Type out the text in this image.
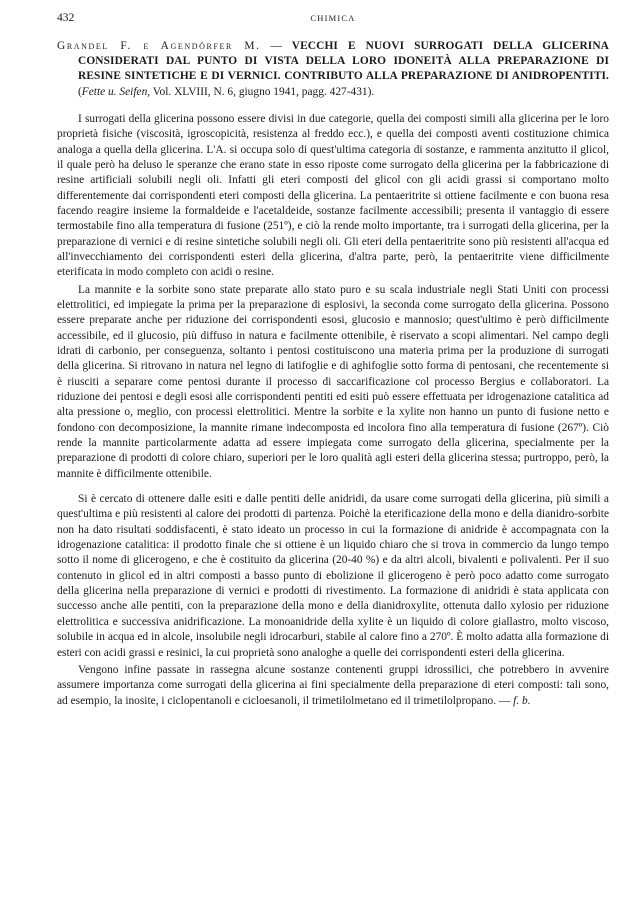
432	CHIMICA
Grandel F. e Agendörfer M. — VECCHI E NUOVI SURROGATI DELLA GLICERINA CONSIDERATI DAL PUNTO DI VISTA DELLA LORO IDONEITÀ ALLA PREPARAZIONE DI RESINE SINTETICHE E DI VERNICI. CONTRIBUTO ALLA PREPARAZIONE DI ANIDROPENTITI. (Fette u. Seifen, Vol. XLVIII, N. 6, giugno 1941, pagg. 427-431).

I surrogati della glicerina possono essere divisi in due categorie, quella dei composti simili alla glicerina per le loro proprietà fisiche (viscosità, igroscopicità, resistenza al freddo ecc.), e quella dei composti aventi costituzione chimica analoga a quella della glicerina. L'A. si occupa solo di quest'ultima categoria di sostanze, e rammenta anzitutto il glicol, il quale però ha deluso le speranze che erano state in esso riposte come surrogato della glicerina per la fabbricazione di resine artificiali solubili negli oli. Infatti gli eteri composti del glicol con gli acidi grassi si comportano molto differentemente dai corrispondenti eteri composti della glicerina. La pentaeritrite si ottiene facilmente e con buona resa facendo reagire insieme la formaldeide e l'acetaldeide, sostanze facilmente accessibili; presenta il vantaggio di essere termostabile fino alla temperatura di fusione (251º), e ciò la rende molto importante, tra i surrogati della glicerina, per la preparazione di vernici e di resine sintetiche solubili negli oli. Gli eteri della pentaeritrite sono più resistenti all'acqua ed all'invecchiamento dei corrispondenti esteri della glicerina, d'altra parte, però, la pentaeritrite viene difficilmente eterificata in modo completo con acidi o resine.

La mannite e la sorbite sono state preparate allo stato puro e su scala industriale negli Stati Uniti con processi elettrolitici, ed impiegate la prima per la preparazione di esplosivi, la seconda come surrogato della glicerina. Possono essere preparate anche per riduzione dei corrispondenti esosi, glucosio e mannosio; quest'ultimo è però difficilmente accessibile, ed il glucosio, più diffuso in natura e facilmente ottenibile, è riservato a scopi alimentari. Nel campo degli idrati di carbonio, per conseguenza, soltanto i pentosi costituiscono una materia prima per la produzione di surrogati della glicerina. Si ritrovano in natura nel legno di latifoglie e di aghifoglie sotto forma di pentosani, che recentemente si è riusciti a separare come pentosi durante il processo di saccarificazione col processo Bergius e collaboratori. La riduzione dei pentosi e degli esosi alle corrispondenti pentiti ed esiti può essere effettuata per idrogenazione catalitica ad alta pressione o, meglio, con processi elettrolitici. Mentre la sorbite e la xylite non hanno un punto di fusione netto e fondono con decomposizione, la mannite rimane indecomposta ed incolora fino alla temperatura di fusione (267º). Ciò rende la mannite particolarmente adatta ad essere impiegata come surrogato della glicerina, specialmente per la preparazione di prodotti di colore chiaro, superiori per le loro qualità agli esteri della glicerina stessa; purtroppo, però, la mannite è difficilmente ottenibile.

Si è cercato di ottenere dalle esiti e dalle pentiti delle anidridi, da usare come surrogati della glicerina, più simili a quest'ultima e più resistenti al calore dei prodotti di partenza. Poichè la eterificazione della mono e della dianidro-sorbite non ha dato risultati soddisfacenti, è stato ideato un processo in cui la formazione di anidride è accompagnata con la idrogenazione catalitica: il prodotto finale che si ottiene è un liquido chiaro che si trova in commercio da lungo tempo sotto il nome di glicerogeno, e che è costituito da glicerina (20-40 %) e da altri alcoli, bivalenti e polivalenti. Per il suo contenuto in glicol ed in altri composti a basso punto di ebolizione il glicerogeno è però poco adatto come surrogato della glicerina nella preparazione di vernici e prodotti di rivestimento. La formazione di anidridi è stata applicata con successo anche alle pentiti, con la preparazione della mono e della dianidroxylite, ottenuta dallo xylosio per riduzione elettrolitica e successiva anidrificazione. La monoanidride della xylite è un liquido di colore giallastro, molto viscoso, solubile in acqua ed in alcole, insolubile negli idrocarburi, stabile al calore fino a 270º. È molto adatta alla formazione di esteri con acidi grassi e resinici, la cui proprietà sono analoghe a quelle dei corrispondenti esteri della glicerina.

Vengono infine passate in rassegna alcune sostanze contenenti gruppi idrossilici, che potrebbero in avvenire assumere importanza come surrogati della glicerina ai fini specialmente della preparazione di eteri composti: tali sono, ad esempio, la inosite, i ciclopentanoli e cicloesanoli, il trimetilolmetano ed il trimetilolpropano. — f. b.
